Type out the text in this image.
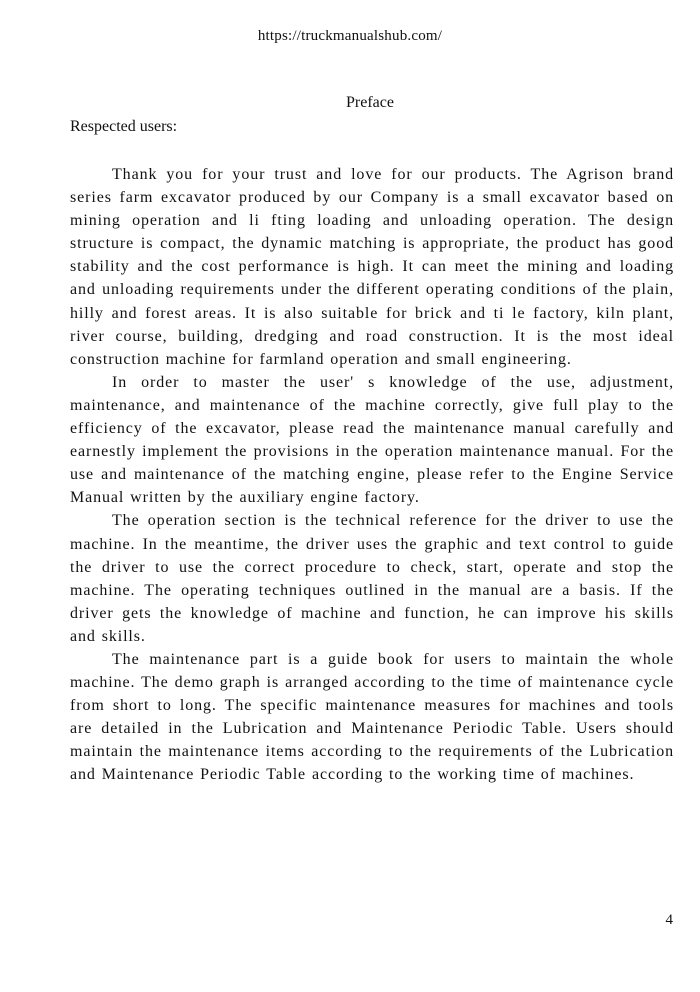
https://truckmanualshub.com/
Preface
Respected users:

Thank you for your trust and love for our products. The Agrison brand series farm excavator produced by our Company is a small excavator based on mining operation and li fting loading and unloading operation. The design structure is compact, the dynamic matching is appropriate, the product has good stability and the cost performance is high. It can meet the mining and loading and unloading requirements under the different operating conditions of the plain, hilly and forest areas. It is also suitable for brick and ti le factory, kiln plant, river course, building, dredging and road construction. It is the most ideal construction machine for farmland operation and small engineering.

In order to master the user' s knowledge of the use, adjustment, maintenance, and maintenance of the machine correctly, give full play to the efficiency of the excavator, please read the maintenance manual carefully and earnestly implement the provisions in the operation maintenance manual. For the use and maintenance of the matching engine, please refer to the Engine Service Manual written by the auxiliary engine factory.

The operation section is the technical reference for the driver to use the machine. In the meantime, the driver uses the graphic and text control to guide the driver to use the correct procedure to check, start, operate and stop the machine. The operating techniques outlined in the manual are a basis. If the driver gets the knowledge of machine and function, he can improve his skills and skills.

The maintenance part is a guide book for users to maintain the whole machine. The demo graph is arranged according to the time of maintenance cycle from short to long. The specific maintenance measures for machines and tools are detailed in the Lubrication and Maintenance Periodic Table. Users should maintain the maintenance items according to the requirements of the Lubrication and Maintenance Periodic Table according to the working time of machines.

4
